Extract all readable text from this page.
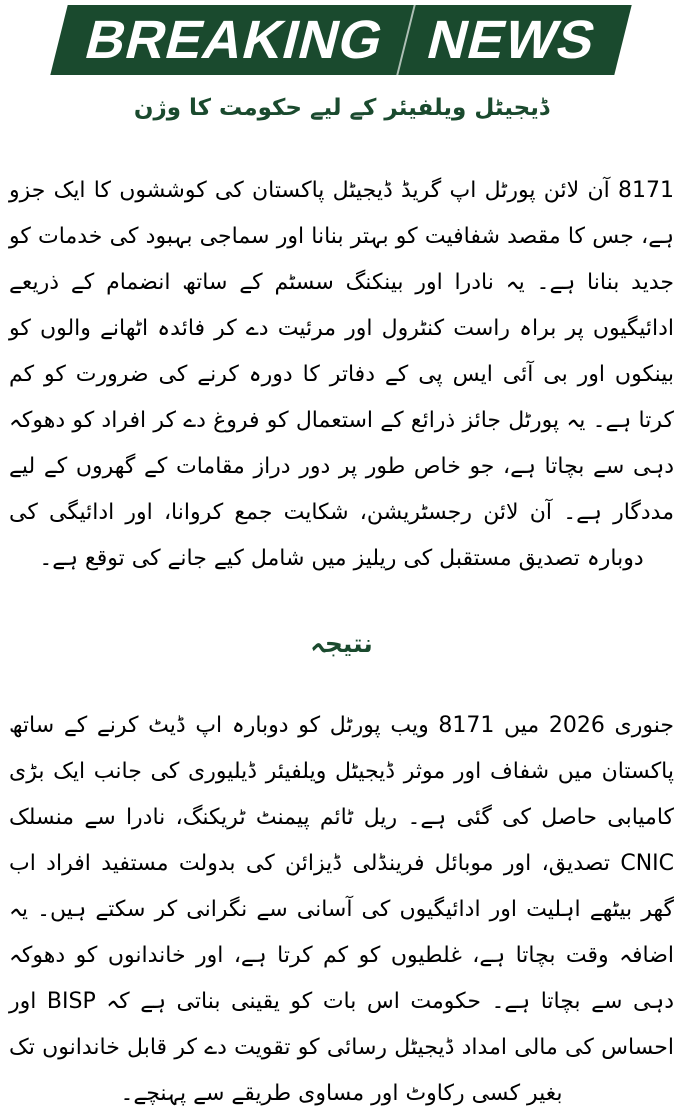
BREAKING NEWS
ڈیجیٹل ویلفیئر کے لیے حکومت کا وژن

8171 آن لائن پورٹل اپ گریڈ ڈیجیٹل پاکستان کی کوششوں کا ایک جزو ہے، جس کا مقصد شفافیت کو بہتر بنانا اور سماجی بہبود کی خدمات کو جدید بنانا ہے۔ یہ نادرا اور بینکنگ سسٹم کے ساتھ انضمام کے ذریعے ادائیگیوں پر براہ راست کنٹرول اور مرئیت دے کر فائدہ اٹھانے والوں کو بینکوں اور بی آئی ایس پی کے دفاتر کا دورہ کرنے کی ضرورت کو کم کرتا ہے۔ یہ پورٹل جائز ذرائع کے استعمال کو فروغ دے کر افراد کو دھوکہ دہی سے بچاتا ہے، جو خاص طور پر دور دراز مقامات کے گھروں کے لیے مددگار ہے۔ آن لائن رجسٹریشن، شکایت جمع کروانا، اور ادائیگی کی دوبارہ تصدیق مستقبل کی ریلیز میں شامل کیے جانے کی توقع ہے۔

نتیجہ

جنوری 2026 میں 8171 ویب پورٹل کو دوبارہ اپ ڈیٹ کرنے کے ساتھ پاکستان میں شفاف اور موثر ڈیجیٹل ویلفیئر ڈیلیوری کی جانب ایک بڑی کامیابی حاصل کی گئی ہے۔ ریل ٹائم پیمنٹ ٹریکنگ، نادرا سے منسلک CNIC تصدیق، اور موبائل فرینڈلی ڈیزائن کی بدولت مستفید افراد اب گھر بیٹھے اہلیت اور ادائیگیوں کی آسانی سے نگرانی کر سکتے ہیں۔ یہ اضافہ وقت بچاتا ہے، غلطیوں کو کم کرتا ہے، اور خاندانوں کو دھوکہ دہی سے بچاتا ہے۔ حکومت اس بات کو یقینی بناتی ہے کہ BISP اور احساس کی مالی امداد ڈیجیٹل رسائی کو تقویت دے کر قابل خاندانوں تک بغیر کسی رکاوٹ اور مساوی طریقے سے پہنچے۔
